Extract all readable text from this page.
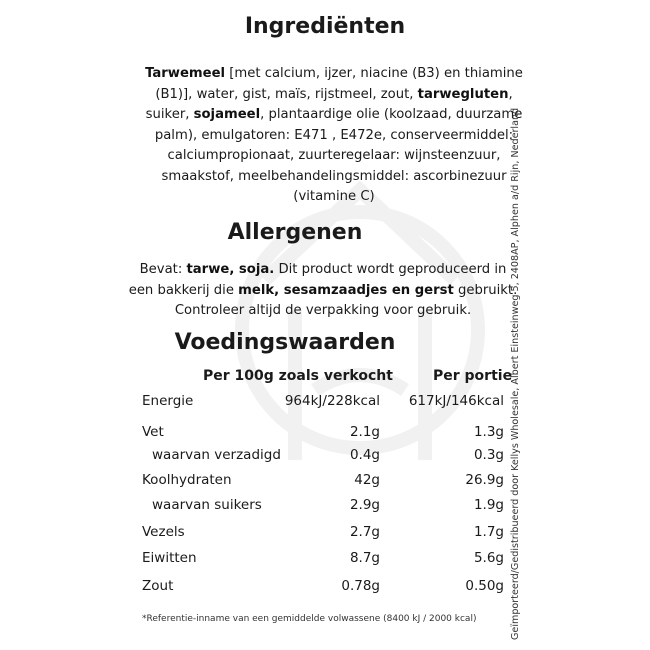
Ingrediënten
Tarwemeel [met calcium, ijzer, niacine (B3) en thiamine (B1)], water, gist, maïs, rijstmeel, zout, tarwegluten, suiker, sojameel, plantaardige olie (koolzaad, duurzame palm), emulgatoren: E471 , E472e, conserveermiddel: calciumpropionaat, zuurteregelaar: wijnsteenzuur, smaakstof, meelbehandelingsmiddel: ascorbinezuur (vitamine C)
Allergenen
Bevat: tarwe, soja. Dit product wordt geproduceerd in een bakkerij die melk, sesamzaadjes en gerst gebruikt. Controleer altijd de verpakking voor gebruik.
Voedingswaarden
Per 100g zoals verkocht	Per portie
Energie	964kJ/228kcal	617kJ/146kcal
Vet	2.1g	1.3g
waarvan verzadigd	0.4g	0.3g
Koolhydraten	42g	26.9g
waarvan suikers	2.9g	1.9g
Vezels	2.7g	1.7g
Eiwitten	8.7g	5.6g
Zout	0.78g	0.50g
*Referentie-inname van een gemiddelde volwassene (8400 kJ / 2000 kcal)	Geïmporteerd/Gedistribueerd door Kellys Wholesale, Albert Einsteinweg 5, 2408AP, Alphen a/d Rijn, Nederland
